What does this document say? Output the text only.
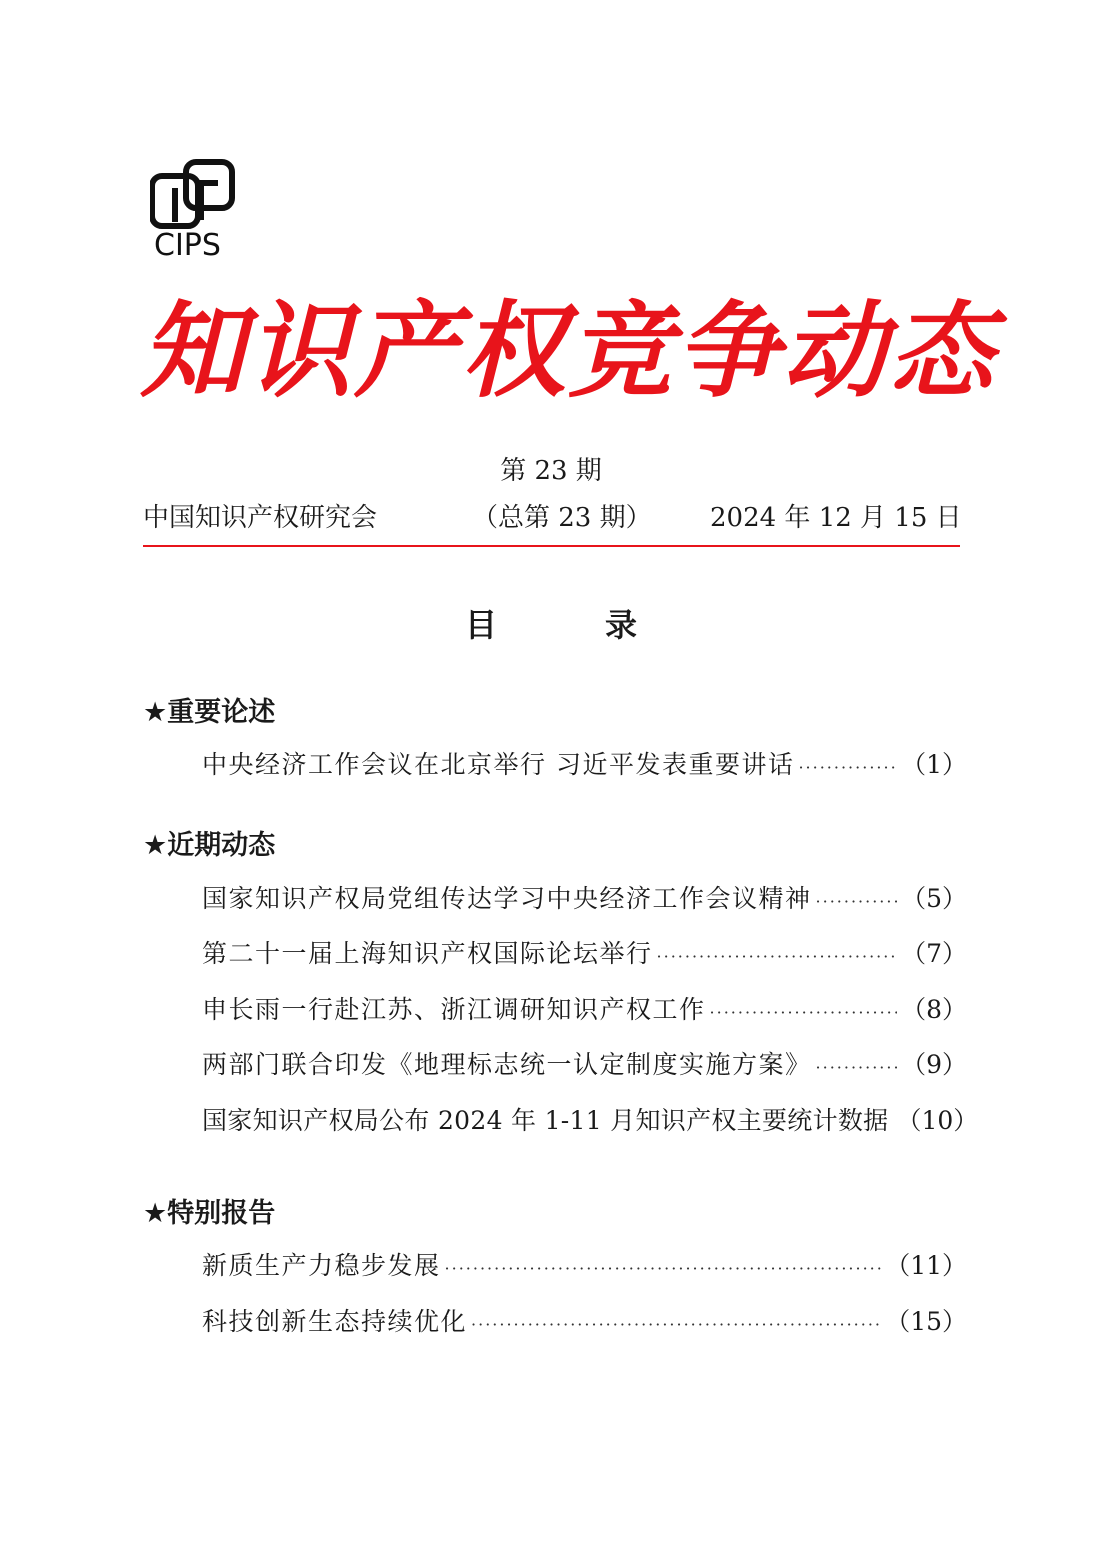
CIPS
知识产权竞争动态
第 23 期
中国知识产权研究会	（总第 23 期） 2024 年 12 月 15 日
目	录
★重要论述
中央经济工作会议在北京举行 习近平发表重要讲话 ·····	（1）
★近期动态
国家知识产权局党组传达学习中央经济工作会议精神 ·····	（5）
第二十一届上海知识产权国际论坛举行 ·····	（7）
申长雨一行赴江苏、浙江调研知识产权工作 ·····	（8）
两部门联合印发《地理标志统一认定制度实施方案》 ·····	（9）
国家知识产权局公布 2024 年 1-11 月知识产权主要统计数据 （10）
★特别报告
新质生产力稳步发展 ·····	（11）
科技创新生态持续优化 ·····	（15）
